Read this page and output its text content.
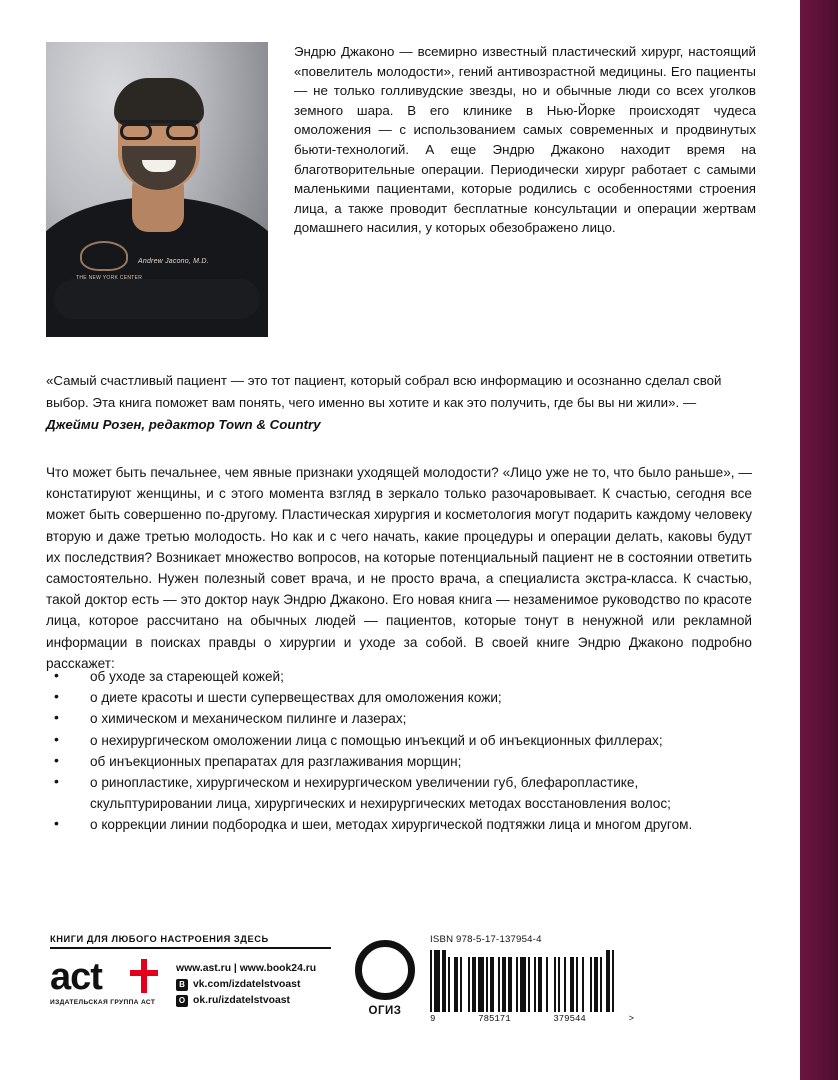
THE NEW YORK CENTER
Andrew Jacono, M.D.

Эндрю Джаконо — всемирно известный пластический хирург, настоящий «повелитель молодости», гений антивозрастной медицины. Его пациенты — не только голливудские звезды, но и обычные люди со всех уголков земного шара. В его клинике в Нью-Йорке происходят чудеса омоложения — с использованием самых современных и продвинутых бьюти-технологий. А еще Эндрю Джаконо находит время на благотворительные операции. Периодически хирург работает с самыми маленькими пациентами, которые родились с особенностями строения лица, а также проводит бесплатные консультации и операции жертвам домашнего насилия, у которых обезображено лицо.

«Самый счастливый пациент — это тот пациент, который собрал всю информацию и осознанно сделал свой выбор. Эта книга поможет вам понять, чего именно вы хотите и как это получить, где бы вы ни жили». — Джейми Розен, редактор Town & Country

Что может быть печальнее, чем явные признаки уходящей молодости? «Лицо уже не то, что было раньше», — констатируют женщины, и с этого момента взгляд в зеркало только разочаровывает. К счастью, сегодня все может быть совершенно по-другому. Пластическая хирургия и косметология могут подарить каждому человеку вторую и даже третью молодость. Но как и с чего начать, какие процедуры и операции делать, каковы будут их последствия? Возникает множество вопросов, на которые потенциальный пациент не в состоянии ответить самостоятельно. Нужен полезный совет врача, и не просто врача, а специалиста экстра-класса. К счастью, такой доктор есть — это доктор наук Эндрю Джаконо. Его новая книга — незаменимое руководство по красоте лица, которое рассчитано на обычных людей — пациентов, которые тонут в ненужной или рекламной информации в поисках правды о хирургии и уходе за собой. В своей книге Эндрю Джаконо подробно расскажет:

• об уходе за стареющей кожей;
• о диете красоты и шести супервеществах для омоложения кожи;
• о химическом и механическом пилинге и лазерах;
• о нехирургическом омоложении лица с помощью инъекций и об инъекционных филлерах;
• об инъекционных препаратах для разглаживания морщин;
• о ринопластике, хирургическом и нехирургическом увеличении губ, блефаропластике, скульптурировании лица, хирургических и нехирургических методах восстановления волос;
• о коррекции линии подбородка и шеи, методах хирургической подтяжки лица и многом другом.
КНИГИ ДЛЯ ЛЮБОГО НАСТРОЕНИЯ ЗДЕСЬ
act
ИЗДАТЕЛЬСКАЯ ГРУППА АСТ
www.ast.ru | www.book24.ru
B vk.com/izdatelstvoast
O ok.ru/izdatelstvoast
ОГИЗ
ISBN 978-5-17-137954-4
9	785171	379544	>
